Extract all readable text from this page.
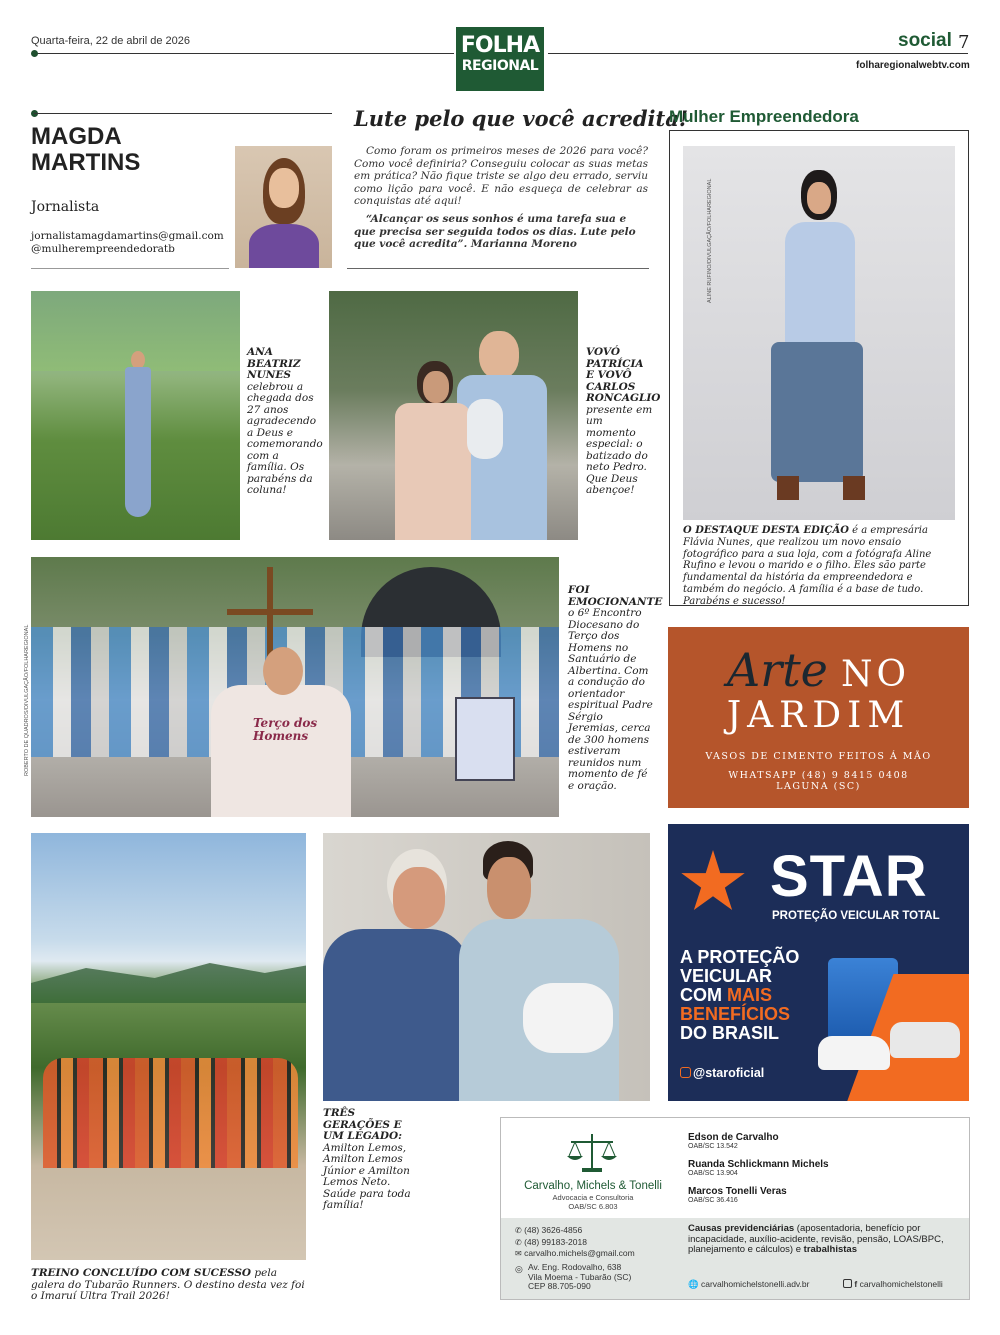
Quarta-feira, 22 de abril de 2026	FOLHA
REGIONAL
social 7
folharegionalwebtv.com
MAGDA
MARTINS
Jornalista
jornalistamagdamartins@gmail.com
@mulherempreendedoratb
Lute pelo que você acredita!
Como foram os primeiros meses de 2026 para você? Como você definiria? Conseguiu colocar as suas metas em prática? Não fique triste se algo deu errado, serviu como lição para você. E não esqueça de celebrar as conquistas até aqui!
“Alcançar os seus sonhos é uma tarefa sua e que precisa ser seguida todos os dias. Lute pelo que você acredita”. Marianna Moreno
Mulher Empreendedora
ALINE RUFINO/DIVULGAÇÃO/FOLHAREGIONAL
O DESTAQUE DESTA EDIÇÃO é a empresária Flávia Nunes, que realizou um novo ensaio fotográfico para a sua loja, com a fotógrafa Aline Rufino e levou o marido e o filho. Eles são parte fundamental da história da empreendedora e também do negócio. A família é a base de tudo. Parabéns e sucesso!
ANA BEATRIZ NUNES celebrou a chegada dos 27 anos agradecendo a Deus e comemorando com a família. Os parabéns da coluna!
VOVÓ PATRÍCIA E VOVÔ CARLOS RONCAGLIO presente em um momento especial: o batizado do neto Pedro. Que Deus abençoe!
Terço dos Homens
ROBERTO DE QUADROS/DIVULGAÇÃO/FOLHAREGIONAL
FOI EMOCIONANTE o 6º Encontro Diocesano do Terço dos Homens no Santuário de Albertina. Com a condução do orientador espiritual Padre Sérgio Jeremias, cerca de 300 homens estiveram reunidos num momento de fé e oração.
Arte NO
JARDIM
VASOS DE CIMENTO FEITOS Á MÃO
WHATSAPP (48) 9 8415 0408
LAGUNA (SC)
TREINO CONCLUÍDO COM SUCESSO pela galera do Tubarão Runners. O destino desta vez foi o Imaruí Ultra Trail 2026!
TRÊS GERAÇÕES E UM LEGADO: Amilton Lemos, Amilton Lemos Júnior e Amilton Lemos Neto. Saúde para toda família!
STAR
PROTEÇÃO VEICULAR TOTAL
A PROTEÇÃO
VEICULAR
COM MAIS
BENEFÍCIOS
DO BRASIL
@staroficial
Carvalho, Michels & Tonelli
Advocacia e Consultoria
OAB/SC 6.803
Edson de Carvalho
OAB/SC 13.542
Ruanda Schlickmann Michels
OAB/SC 13.904
Marcos Tonelli Veras
OAB/SC 36.416
✆ (48) 3626-4856
✆ (48) 99183-2018
✉ carvalho.michels@gmail.com
◎ Av. Eng. Rodovalho, 638
Vila Moema - Tubarão (SC)
CEP 88.705-090
Causas previdenciárias (aposentadoria, benefício por incapacidade, auxílio-acidente, revisão, pensão, LOAS/BPC, planejamento e cálculos) e trabalhistas
🌐 carvalhomichelstonelli.adv.br	f carvalhomichelstonelli
